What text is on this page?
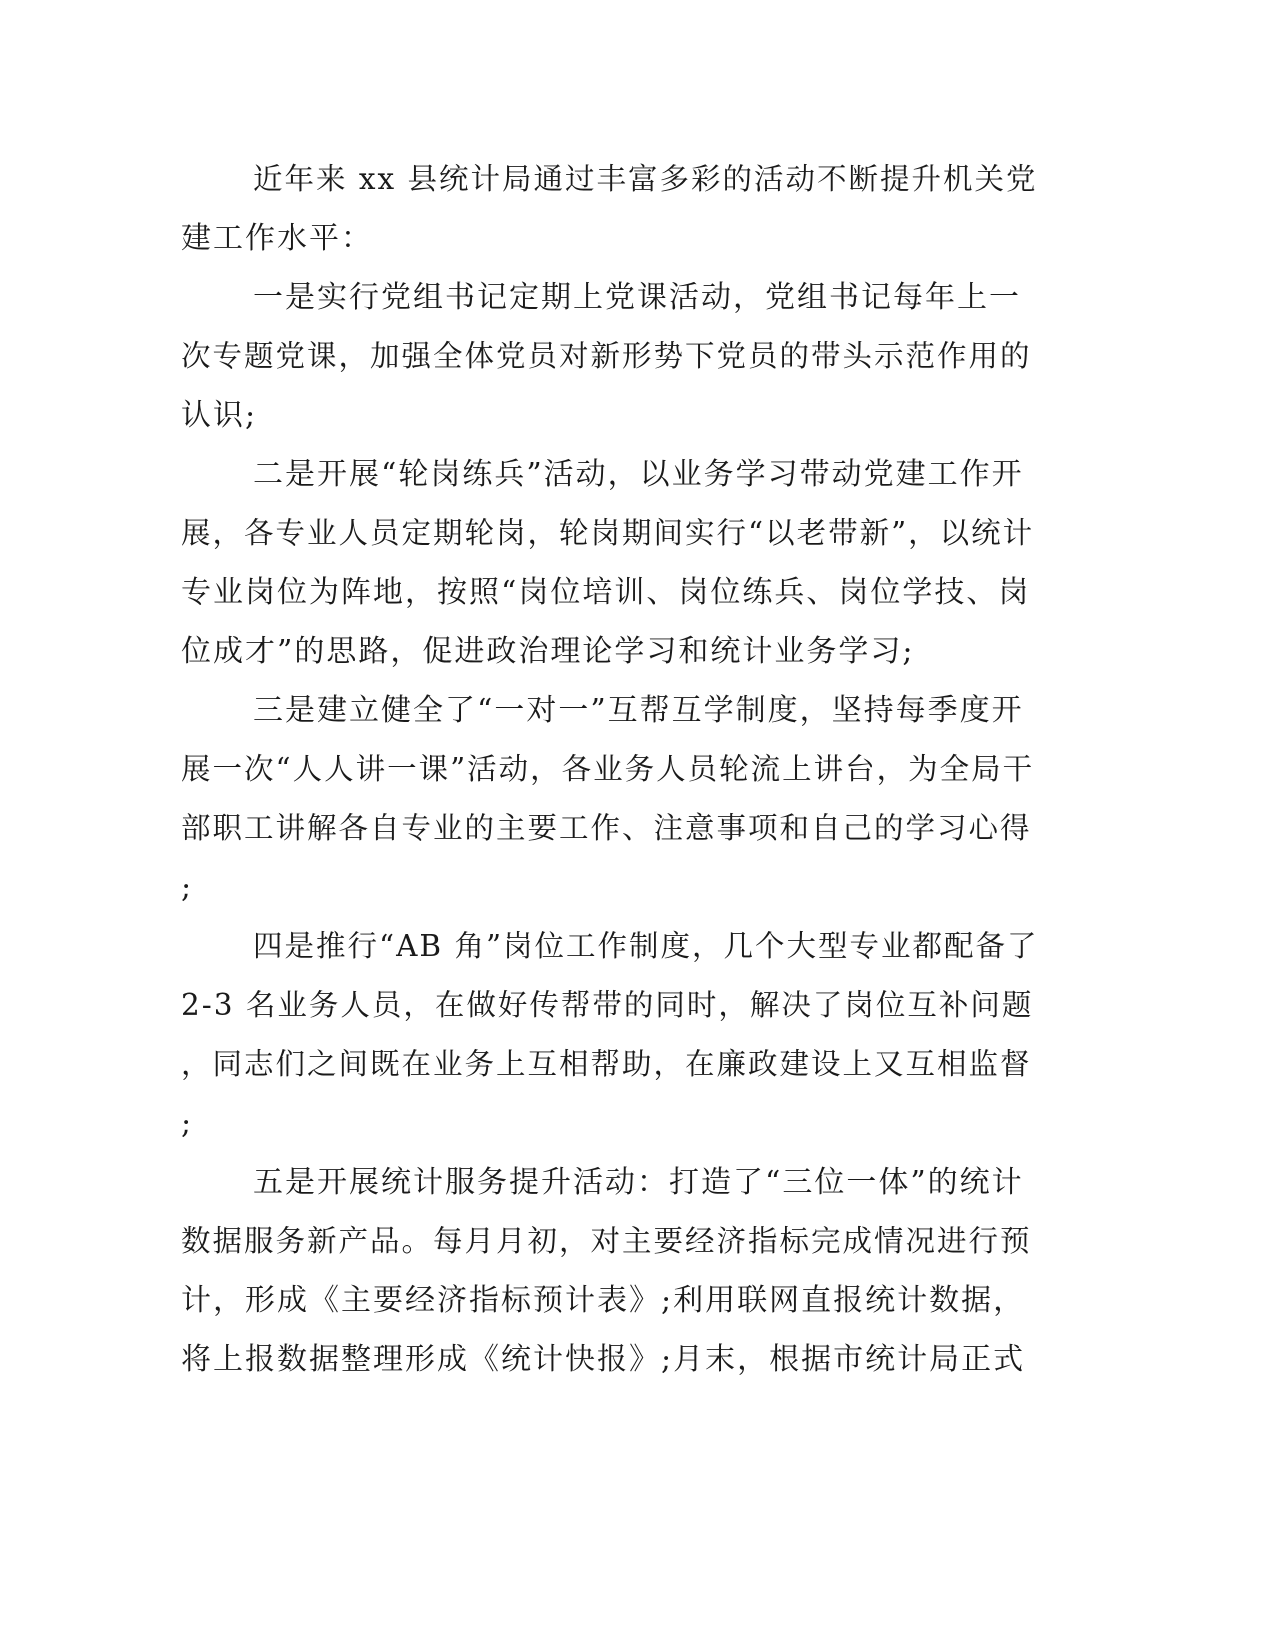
近年来 xx 县统计局通过丰富多彩的活动不断提升机关党
建工作水平：
一是实行党组书记定期上党课活动，党组书记每年上一
次专题党课，加强全体党员对新形势下党员的带头示范作用的
认识;
二是开展“轮岗练兵”活动，以业务学习带动党建工作开
展，各专业人员定期轮岗，轮岗期间实行“以老带新”，以统计
专业岗位为阵地，按照“岗位培训、岗位练兵、岗位学技、岗
位成才”的思路，促进政治理论学习和统计业务学习;
三是建立健全了“一对一”互帮互学制度，坚持每季度开
展一次“人人讲一课”活动，各业务人员轮流上讲台，为全局干
部职工讲解各自专业的主要工作、注意事项和自己的学习心得
;
四是推行“AB 角”岗位工作制度，几个大型专业都配备了
2-3 名业务人员，在做好传帮带的同时，解决了岗位互补问题
，同志们之间既在业务上互相帮助，在廉政建设上又互相监督
;
五是开展统计服务提升活动：打造了“三位一体”的统计
数据服务新产品。每月月初，对主要经济指标完成情况进行预
计，形成《主要经济指标预计表》;利用联网直报统计数据，
将上报数据整理形成《统计快报》;月末，根据市统计局正式
